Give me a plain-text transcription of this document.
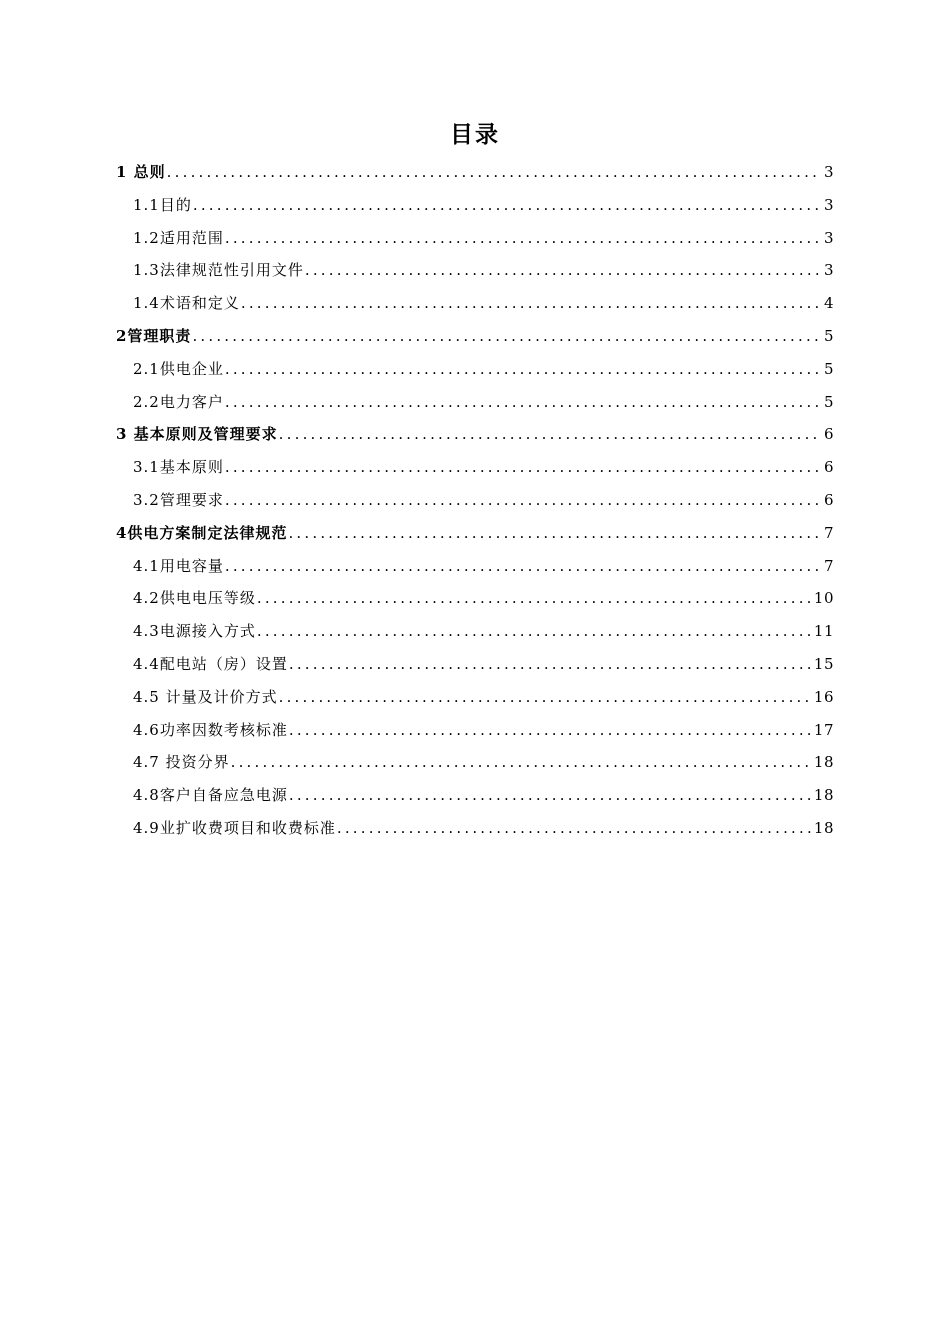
目录
1 总则 .....	3
1.1目的 .....	3
1.2适用范围 .....	3
1.3法律规范性引用文件 .....	3
1.4术语和定义 .....	4
2管理职责 .....	5
2.1供电企业 .....	5
2.2电力客户 .....	5
3 基本原则及管理要求 .....	6
3.1基本原则 .....	6
3.2管理要求 .....	6
4供电方案制定法律规范 .....	7
4.1用电容量 .....	7
4.2供电电压等级 .....	10
4.3电源接入方式 .....	11
4.4配电站（房）设置 .....	15
4.5 计量及计价方式 .....	16
4.6功率因数考核标准 .....	17
4.7 投资分界 .....	18
4.8客户自备应急电源 .....	18
4.9业扩收费项目和收费标准 .....	18
